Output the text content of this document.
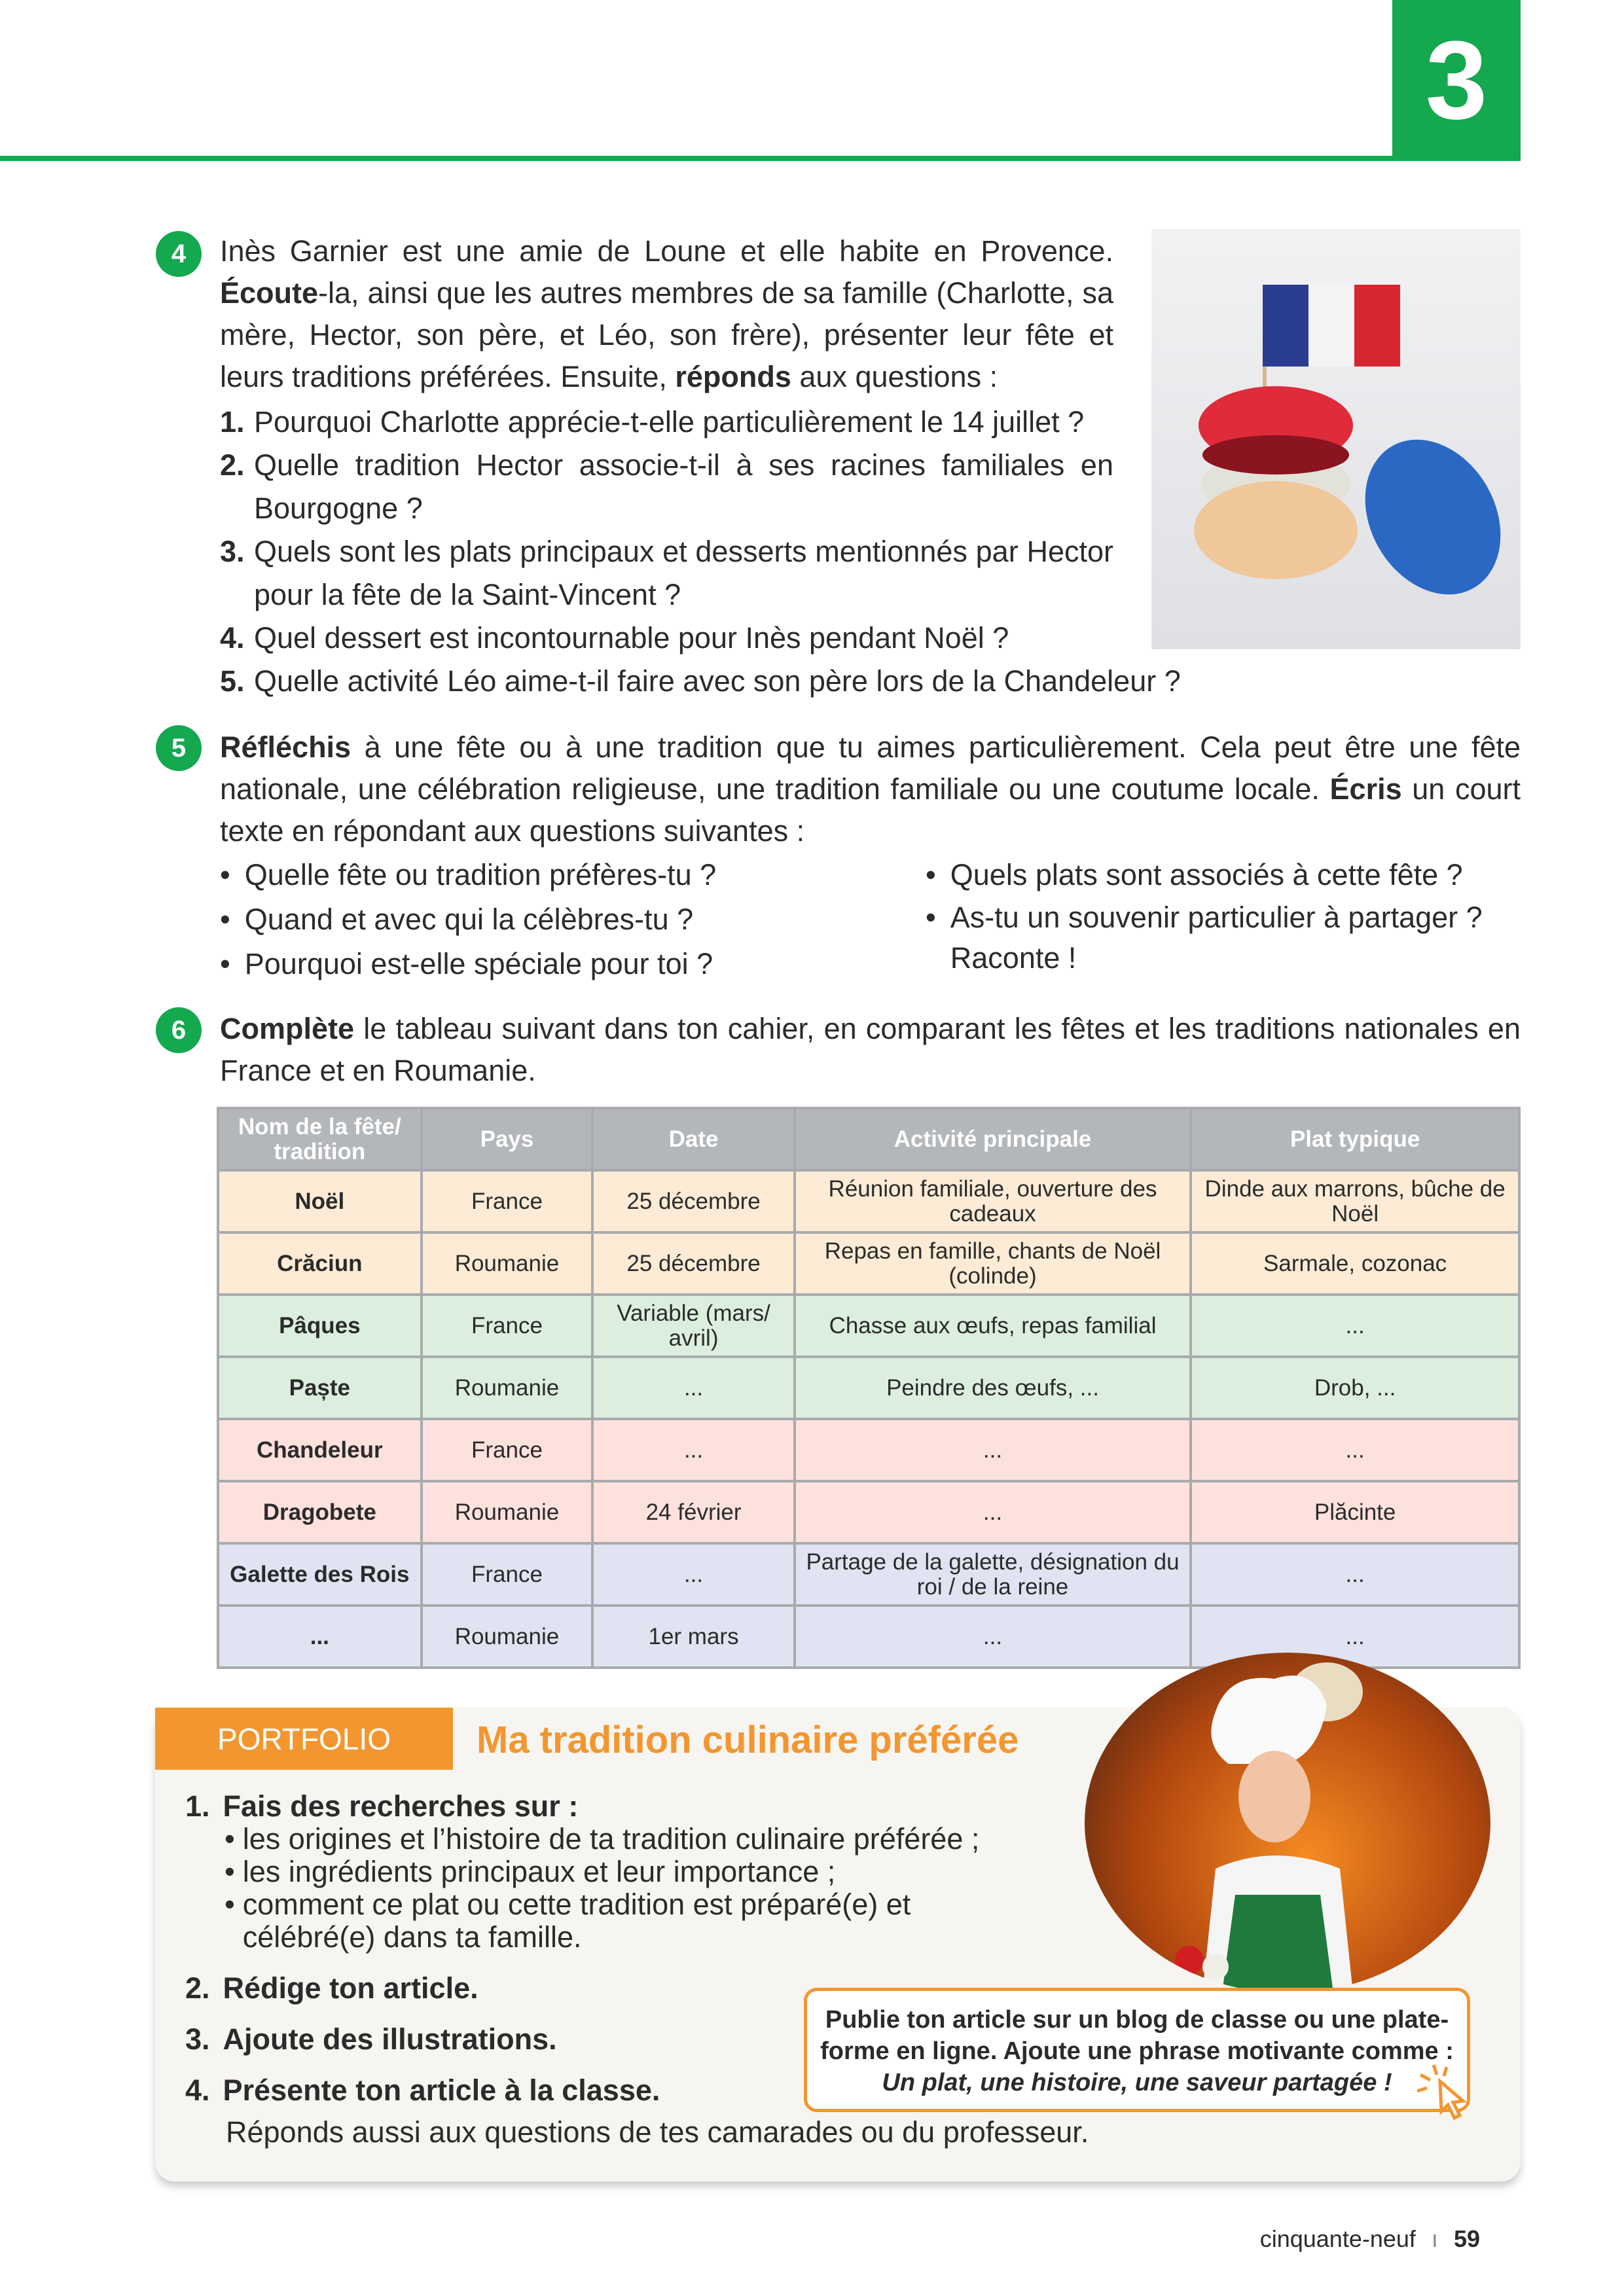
3
4	Inès Garnier est une amie de Loune et elle habite en Provence. Écoute-la, ainsi que les autres membres de sa famille (Charlotte, sa mère, Hector, son père, et Léo, son frère), présenter leur fête et leurs traditions préférées. Ensuite, réponds aux questions :
1. Pourquoi Charlotte apprécie-t-elle particulièrement le 14 juillet ?
2. Quelle tradition Hector associe-t-il à ses racines familiales en Bourgogne ?
3. Quels sont les plats principaux et desserts mentionnés par Hector pour la fête de la Saint-Vincent ?
4. Quel dessert est incontournable pour Inès pendant Noël ?
5. Quelle activité Léo aime-t-il faire avec son père lors de la Chandeleur ?
5	Réfléchis à une fête ou à une tradition que tu aimes particulièrement. Cela peut être une fête nationale, une célébration religieuse, une tradition familiale ou une coutume locale. Écris un court texte en répondant aux questions suivantes :
• Quelle fête ou tradition préfères-tu ?
• Quand et avec qui la célèbres-tu ?
• Pourquoi est-elle spéciale pour toi ?
• Quels plats sont associés à cette fête ?
• As-tu un souvenir particulier à partager ? Raconte !
6	Complète le tableau suivant dans ton cahier, en comparant les fêtes et les traditions nationales en France et en Roumanie.
Nom de la fête/ tradition	Pays	Date	Activité principale	Plat typique
Noël	France	25 décembre	Réunion familiale, ouverture des cadeaux	Dinde aux marrons, bûche de Noël
Crăciun	Roumanie	25 décembre	Repas en famille, chants de Noël (colinde)	Sarmale, cozonac
Pâques	France	Variable (mars/ avril)	Chasse aux œufs, repas familial	...
Paște	Roumanie	...	Peindre des œufs, ...	Drob, ...
Chandeleur	France	...	...	...
Dragobete	Roumanie	24 février	...	Plăcinte
Galette des Rois	France	...	Partage de la galette, désignation du roi / de la reine	...
...	Roumanie	1er mars	...	...
PORTFOLIO	Ma tradition culinaire préférée
1. Fais des recherches sur :
• les origines et l’histoire de ta tradition culinaire préférée ;
• les ingrédients principaux et leur importance ;
• comment ce plat ou cette tradition est préparé(e) et célébré(e) dans ta famille.
2. Rédige ton article.
3. Ajoute des illustrations.
4. Présente ton article à la classe.
Réponds aussi aux questions de tes camarades ou du professeur.
Publie ton article sur un blog de classe ou une plate-forme en ligne. Ajoute une phrase motivante comme :
Un plat, une histoire, une saveur partagée !
cinquante-neuf ı 59
